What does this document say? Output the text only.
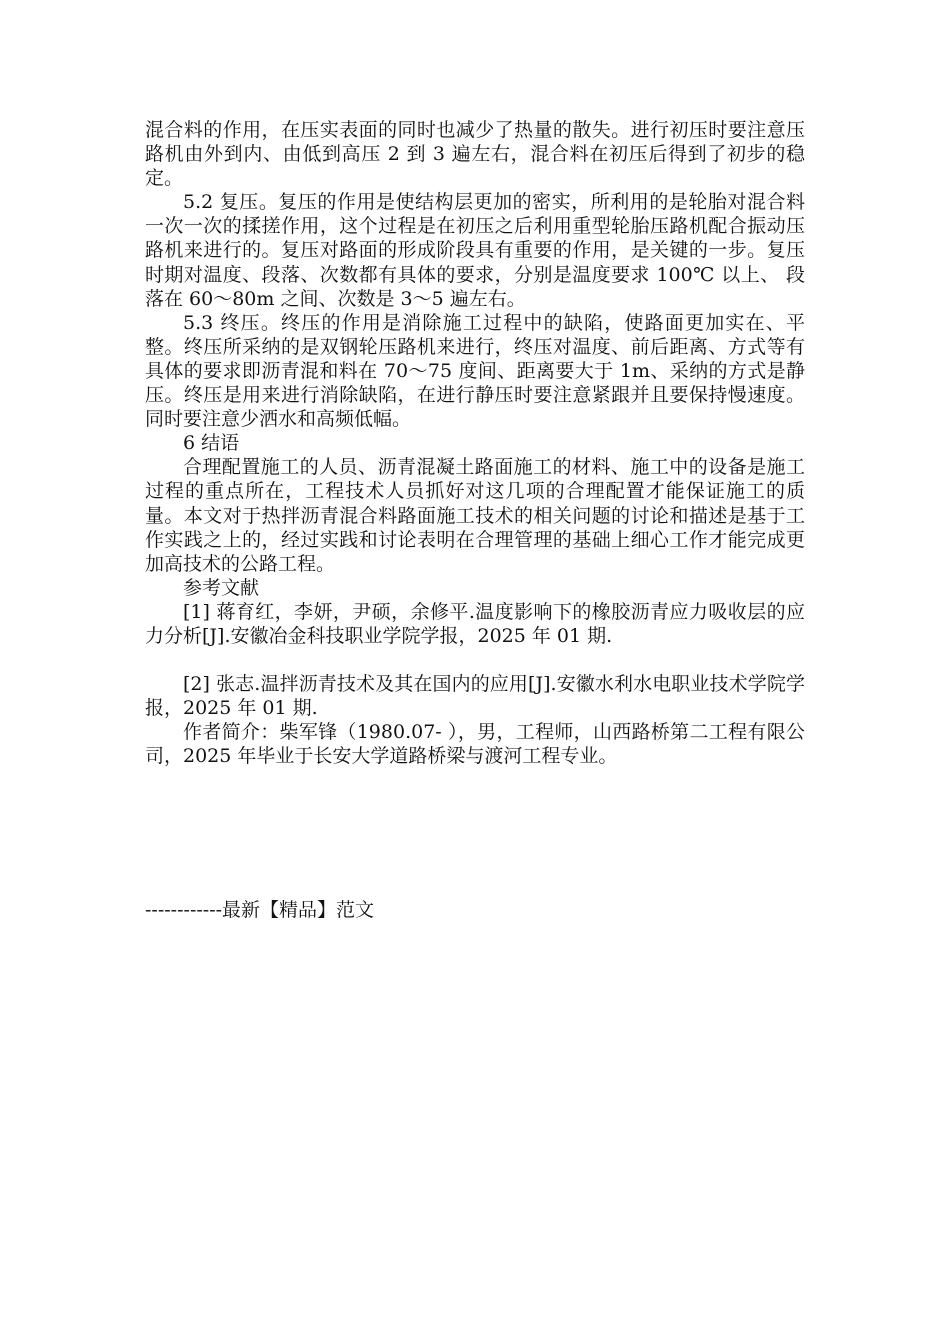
混合料的作用，在压实表面的同时也减少了热量的散失。进行初压时要注意压路机由外到内、由低到高压 2 到 3 遍左右，混合料在初压后得到了初步的稳定。

5.2 复压。复压的作用是使结构层更加的密实，所利用的是轮胎对混合料一次一次的揉搓作用，这个过程是在初压之后利用重型轮胎压路机配合振动压路机来进行的。复压对路面的形成阶段具有重要的作用，是关键的一步。复压时期对温度、段落、次数都有具体的要求，分别是温度要求 100℃ 以上、 段落在 60～80m 之间、次数是 3～5 遍左右。

5.3 终压。终压的作用是消除施工过程中的缺陷，使路面更加实在、平整。终压所采纳的是双钢轮压路机来进行，终压对温度、前后距离、方式等有具体的要求即沥青混和料在 70～75 度间、距离要大于 1m、采纳的方式是静压。终压是用来进行消除缺陷，在进行静压时要注意紧跟并且要保持慢速度。同时要注意少洒水和高频低幅。

6 结语

合理配置施工的人员、沥青混凝土路面施工的材料、施工中的设备是施工过程的重点所在，工程技术人员抓好对这几项的合理配置才能保证施工的质量。本文对于热拌沥青混合料路面施工技术的相关问题的讨论和描述是基于工作实践之上的，经过实践和讨论表明在合理管理的基础上细心工作才能完成更加高技术的公路工程。

参考文献

[1] 蒋育红，李妍，尹硕，余修平.温度影响下的橡胶沥青应力吸收层的应力分析[J].安徽冶金科技职业学院学报，2025 年 01 期.

[2] 张志.温拌沥青技术及其在国内的应用[J].安徽水利水电职业技术学院学报，2025 年 01 期.

作者简介：柴军锋（1980.07- ），男，工程师，山西路桥第二工程有限公司，2025 年毕业于长安大学道路桥梁与渡河工程专业。

------------最新【精品】范文
